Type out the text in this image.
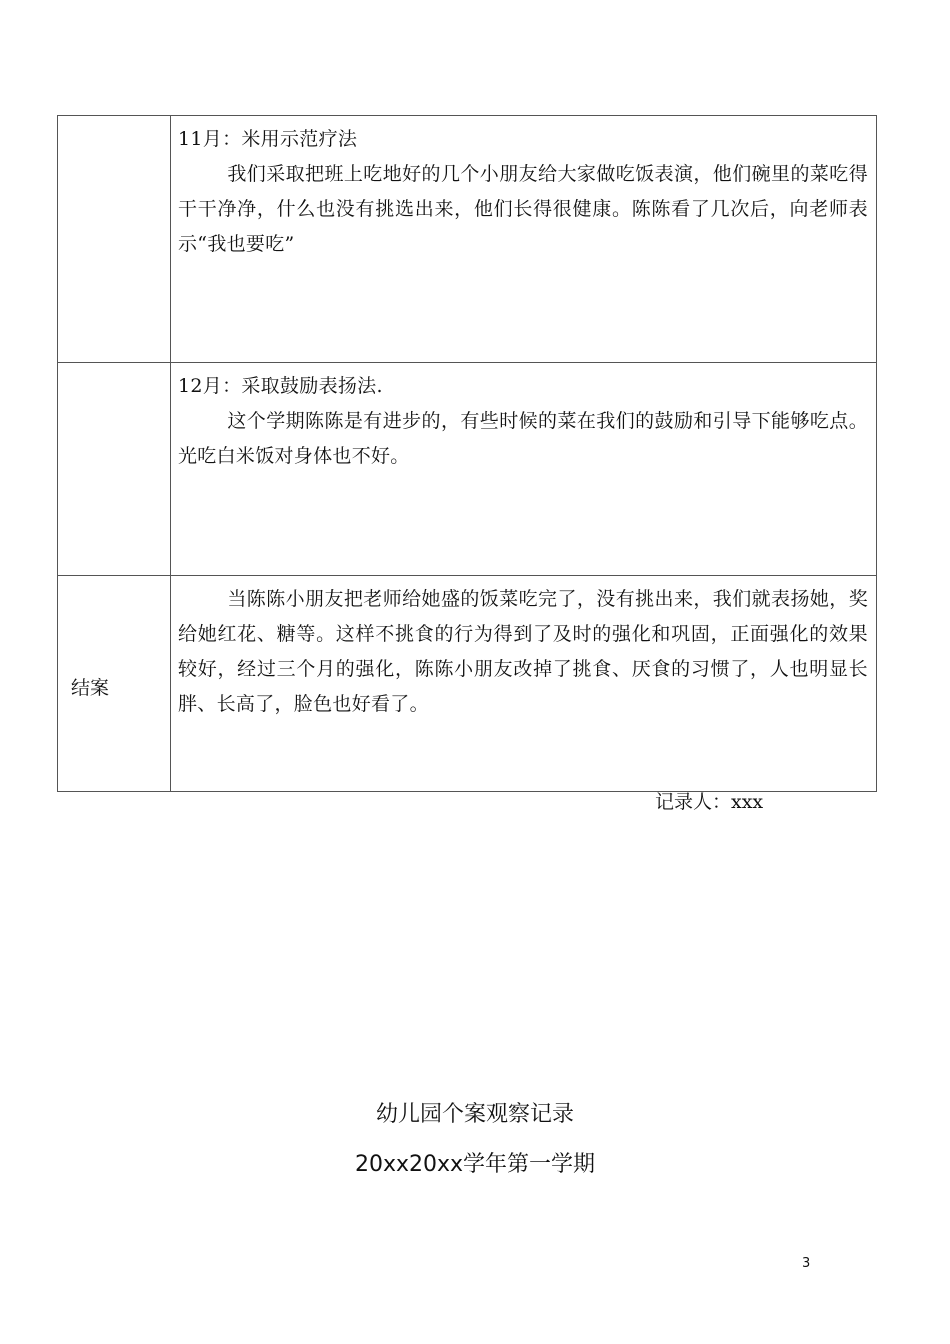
	11月：米用示范疗法
我们采取把班上吃地好的几个小朋友给大家做吃饭表演，他们碗里的菜吃得干干净净，什么也没有挑选出来，他们长得很健康。陈陈看了几次后，向老师表示“我也要吃”

	12月：采取鼓励表扬法.
这个学期陈陈是有进步的，有些时候的菜在我们的鼓励和引导下能够吃点。光吃白米饭对身体也不好。

结案	当陈陈小朋友把老师给她盛的饭菜吃完了，没有挑出来，我们就表扬她，奖给她红花、糖等。这样不挑食的行为得到了及时的强化和巩固，正面强化的效果较好，经过三个月的强化，陈陈小朋友改掉了挑食、厌食的习惯了，人也明显长胖、长高了，脸色也好看了。
记录人：xxx
幼儿园个案观察记录
20xx20xx学年第一学期
3
